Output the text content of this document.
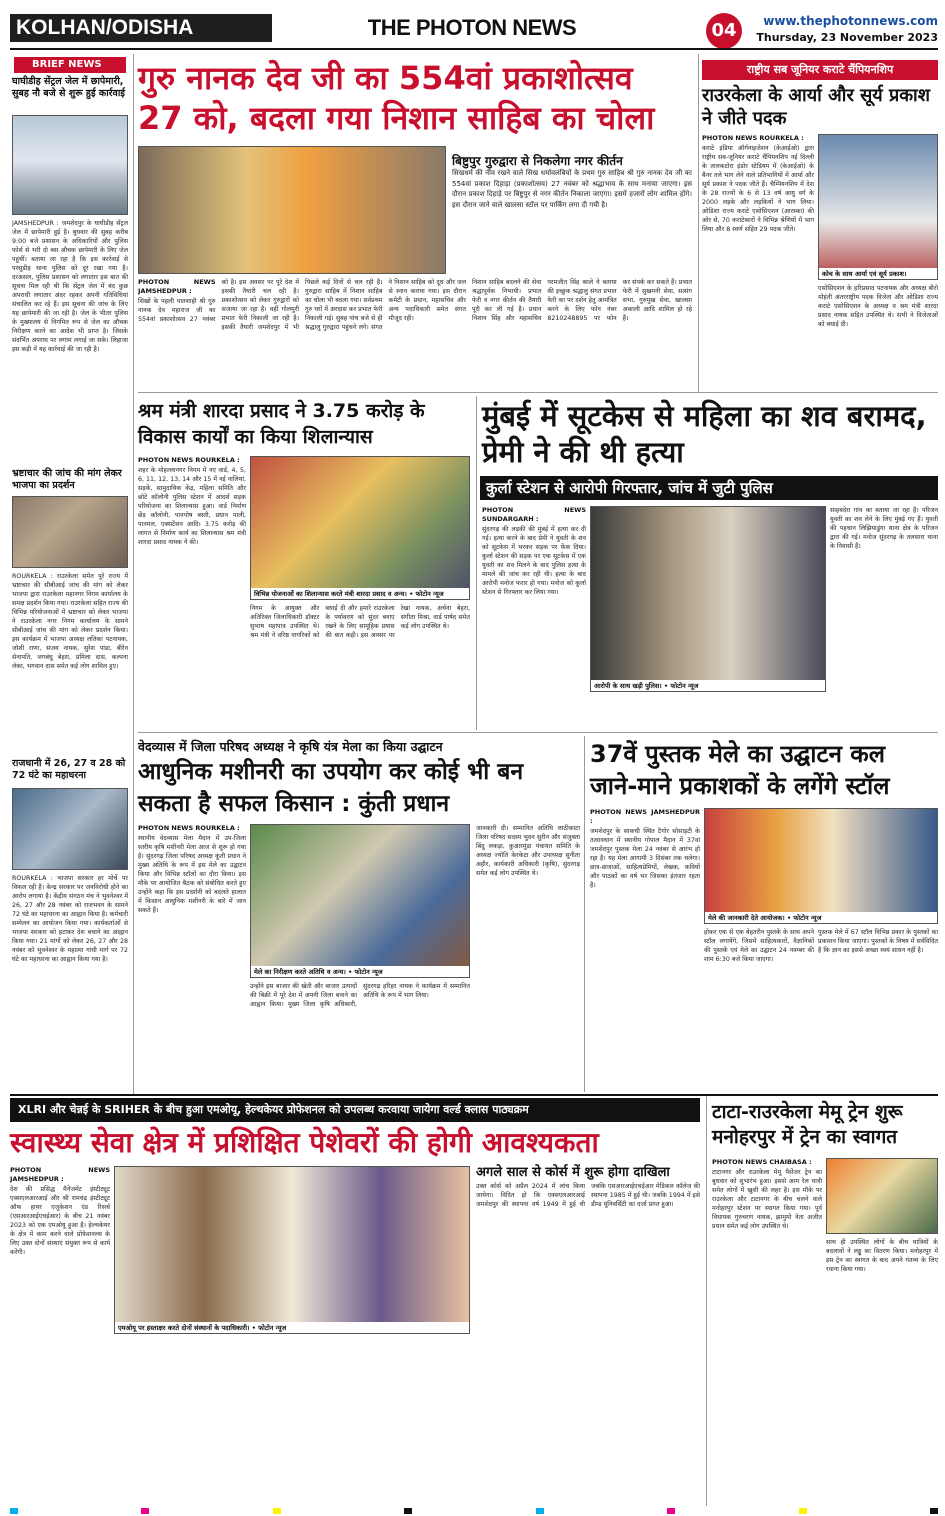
KOLHAN/ODISHA	THE PHOTON NEWS	04	www.thephotonnews.com
Thursday, 23 November 2023
BRIEF NEWS
घाघीडीह सेंट्रल जेल में छापेमारी, सुबह नौ बजे से शुरू हुई कार्रवाई
JAMSHEDPUR : जमशेदपुर के घाघीडीह सेंट्रल जेल में छापेमारी हुई है। बुधवार की सुबह करीब 9:00 बजे प्रशासन के अधिकारियों और पुलिस फोर्स से भरी दो बस औचक छापेमारी के लिए जेल पहुंचीं। बताया जा रहा है कि इस कार्रवाई से परसुडीह थाना पुलिस को दूर रखा गया है। दरअसल, पुलिस प्रशासन को लगातार इस बात की सूचना मिल रही थी कि सेंट्रल जेल में बंद कुछ अपराधी लगातार अंदर रहकर अपनी गतिविधियां संचालित कर रहे हैं। इस सूचना की जांच के लिए यह छापेमारी की जा रही है। जेल के भीतर पुलिस के मुख्यालय से निगमित रूप से जेल का औचक निरीक्षण करने का आदेश भी प्राप्त है। जिसके संदर्भित अपराध पर लगाम लगाई जा सके। लिहाजा इस कड़ी में यह कार्रवाई की जा रही है।
भ्रष्टाचार की जांच की मांग लेकर भाजपा का प्रदर्शन
ROURKELA : राउरकेला समेत पूरे राज्य में भ्रष्टाचार की सीबीआई जांच की मांग को लेकर भाजपा द्वारा राउरकेला महानगर निगम कार्यालय के समक्ष प्रदर्शन किया गया। राउरकेला सहित राज्य की विभिन्न परियोजनाओं में भ्रष्टाचार को लेकर भाजपा ने राउरकेला नगर निगम कार्यालय के सामने सीबीआई जांच की मांग को लेकर प्रदर्शन किया। इस कार्यक्रम में भाजपा अध्यक्ष लतिका पटनायक, जोशी राणा, संजय नायक, सुरेश पांडा, बीरेन सेनापति, जगबंधु बेहरा, प्रमिला दास, कल्पना लेका, भगवान दास समेत कई लोग शामिल हुए।
राजधानी में 26, 27 व 28 को 72 घंटे का महाधरना
ROURKELA : भाजपा सरकार हर मोर्चे पर विफल रही है। केन्द्र सरकार पर जनविरोधी होने का आरोप लगाया है। केंद्रीय संगठन मंच ने भुवनेश्वर में 26, 27 और 28 नवंबर को राजभवन के सामने 72 घंटे का महाधरना का आह्वान किया है। कर्मचारी सम्मेलन का आयोजन किया गया। कार्यकर्ताओं से भाजपा सरकार को हटाकर देश बचाने का आह्वान किया गया। 21 मांगों को लेकर 26, 27 और 28 नवंबर को भुवनेश्वर के महात्मा गांधी मार्ग पर 72 घंटे का महाधरना का आह्वान किया गया है।
गुरु नानक देव जी का 554वां प्रकाशोत्सव
27 को, बदला गया निशान साहिब का चोला
बिष्टुपुर गुरुद्वारा से निकलेगा नगर कीर्तन
सिखधर्म की नींव रखने वाले सिख धर्मावलंबियों के प्रथम गुरु साहिब श्री गुरु नानक देव जी का 554वां प्रकाश दिहाड़ा (प्रकाशोत्सव) 27 नवंबर को श्रद्धाभाव के साथ मनाया जाएगा। इस दौरान प्रकाश दिहाड़े पर बिष्टुपुर से नगर कीर्तन निकाला जाएगा। इसमें हजारों लोग शामिल होंगे। इस दौरान जाने वाले खालसा स्टॉल पर पार्किंग लगा दी गयी है।
PHOTON NEWS JAMSHEDPUR :
सिखों के पहली पातशाही श्री गुरु नानक देव महाराज जी का 554वां प्रकाशोत्सव 27 नवंबर को है। इस अवसर पर पूरे देश में इसकी तैयारी चल रही है। प्रकाशोत्सव को लेकर गुरुद्वारों को सजाया जा रहा है। वहीं गोलमुरी प्रभात फेरी निकाली जा रही है। इसकी तैयारी जमशेदपुर में भी पिछले कई दिनों से चल रही है। गुरुद्वारा साहिब में निशान साहिब का चोला भी बदला गया। सर्वप्रथम गुरु घरों में अरदास कर प्रभात फेरी निकाली गई। सुबह पांच बजे से ही श्रद्धालु गुरुद्वारा पहुंचने लगे। संगत ने निशान साहिब को दूध और जल से स्नान कराया गया। इस दौरान कमेटी के प्रधान, महासचिव और अन्य पदाधिकारी समेत संगत मौजूद रही।
निशान साहिब बदलने की सेवा श्रद्धापूर्वक निभायी। प्रभात फेरी व नगर कीर्तन की तैयारी पूरी कर ली गई है। प्रधान निशान सिंह और महासचिव परमजीत सिंह काले ने बताया की इच्छुक श्रद्धालु संगत प्रभात फेरी का पर दर्शन हेतु आमंत्रित करने के लिए फोन नंबर 8210248895 पर फोन कर संपर्क कर सकते हैं। प्रभात फेरी में सुखमनी सेवा, सत्संग सभा, गुरुमुख सेवा, खालसा अकाली आदि शामिल हो रहे हैं।
राष्ट्रीय सब जूनियर कराटे चैंपियनशिप
राउरकेला के आर्या और सूर्य प्रकाश ने जीते पदक
PHOTON NEWS ROURKELA :
कराटे इंडिया ऑर्गनाइजेशन (केआईओ) द्वारा राष्ट्रीय सब-जूनियर कराटे चैंपियनशिप नई दिल्ली के तालकटोरा इंडोर स्टेडियम में (केआईओ) के बैनर तले भाग लेने वाले प्रतिभागियों में आर्या और सूर्य प्रकाश ने पदक जीते हैं। चैम्पियनशिप में देश के 28 राज्यों के 6 से 13 वर्ष आयु वर्ग के 2000 लड़के और लड़कियों ने भाग लिया। ओडिशा राज्य कराटे एसोसिएशन (आरस्का) की ओर से, 70 कराटेकारों ने विभिन्न श्रेणियों में भाग लिया और 8 स्वर्ण सहित 29 पदक जीते।
कोच के साथ आर्या एवं सूर्य प्रकाश।
एसोसिएशन के हरिप्रसाद पटनायक और अध्यक्ष बीरो मोहंती अंतरराष्ट्रीय पदक विजेता और ओडिशा राज्य कराटे एसोसिएशन के अध्यक्ष व श्रम मंत्री शारदा प्रसाद नायक सहित उपस्थित थे। सभी ने विजेताओं को बधाई दी।
श्रम मंत्री शारदा प्रसाद ने 3.75 करोड़ के विकास कार्यों का किया शिलान्यास
PHOTON NEWS ROURKELA :
शहर के मोहल्लानगर निगम में नए वार्ड, 4, 5, 6, 11, 12, 13, 14 और 15 में नई नालियां, सड़कें, सामुदायिक केंद्र, महिला समिति और छोटे कॉलोनी पुलिस स्टेशन में आदर्श सड़क परियोजना का शिलान्यास हुआ। वार्ड निर्माण छेंड़ कॉलोनी, पानपोष बस्ती, प्रधान पाली, पानमल, एक्सटेंशन आदि। 3.75 करोड़ की लागत से निर्माण कार्य का शिलान्यास श्रम मंत्री शारदा प्रसाद नायक ने की।
विभिन्न योजनाओं का शिलान्यास करते मंत्री शारदा प्रसाद व अन्य। • फोटोन न्यूज
निगम के आयुक्त और अतिरिक्त जिलाधिकारी डॉक्टर सुभाष महापात्र उपस्थित थे। श्रम मंत्री ने वरिष्ठ नागरिकों को बधाई दी और हमारे राउरकेला के पर्यावरण को सुंदर बनाए रखने के लिए सामूहिक प्रयास की बात कही। इस अवसर पर रेखा नायक, अर्चना बेहरा, संगीता मिश्रा, वार्ड पार्षद समेत कई लोग उपस्थित थे।
मुंबई में सूटकेस से महिला का शव बरामद, प्रेमी ने की थी हत्या
कुर्ला स्टेशन से आरोपी गिरफ्तार, जांच में जुटी पुलिस
PHOTON NEWS SUNDARGARH :
सुंदरगढ़ की लड़की की मुंबई में हत्या कर दी गई। हत्या करने के बाद प्रेमी ने युवती के शव को सूटकेस में भरकर सड़क पर फेंक दिया। कुर्ला स्टेशन की सड़क पर एक सूटकेस में एक युवती का शव मिलने के बाद पुलिस हत्या के मामले की जांच कर रही थी। हत्या के बाद आरोपी मनोज फरार हो गया। मनोज को कुर्ला स्टेशन से गिरफ्तार कर लिया गया।
आरोपी के साथ खड़ी पुलिस। • फोटोन न्यूज
साहबदेरा गांव का बताया जा रहा है। परिजन युवती का शव लेने के लिए मुंबई गए हैं। युवती की पहचान लिझियाडुंगा थाना क्षेत्र के परिजन द्वारा की गई। मनोज सुंदरगढ़ के तलसारा थाना के निवासी हैं।
वेदव्यास में जिला परिषद अध्यक्ष ने कृषि यंत्र मेला का किया उद्घाटन
आधुनिक मशीनरी का उपयोग कर कोई भी बन सकता है सफल किसान : कुंती प्रधान
PHOTON NEWS ROURKELA :
स्थानीय वेदव्यास मेला मैदान में उप-जिला स्तरीय कृषि मशीनरी मेला आज से शुरू हो गया है। सुंदरगढ़ जिला परिषद अध्यक्ष कुंती प्रधान ने मुख्य अतिथि के रूप में इस मेले का उद्घाटन किया और विभिन्न स्टॉलों का दौरा किया। इस मौके पर आयोजित बैठक को संबोधित करते हुए उन्होंने कहा कि इस प्रदर्शनी को बदलते हालात में किसान आधुनिक मशीनरी के बारे में जान सकते हैं।
मेले का निरीक्षण करते अतिथि व अन्य। • फोटोन न्यूज
उन्होंने इस बाजार की खेती और बाजार उत्पादों की बिक्री में पूरे देश में अपनी जिला बनाने का आह्वान किया। मुख्य जिला कृषि अधिकारी, सुंदरगढ़ हरिहर नायक ने कार्यक्रम में सम्मानित अतिथि के रूप में भाग लिया।
जानकारी दी। सम्मानित अतिथि लाठीकाटा जिला परिषद सदस्य भुवन सुरीन और संजुक्ता बिंदु लकड़ा, कुआरमुंडा पंचायत समिति के अध्यक्ष ज्योति केरकेटा और उपाध्यक्ष सुनीता अहीर, कार्यकारी अधिकारी (कृषि), सुंदरगढ़ समेत कई लोग उपस्थित थे।
37वें पुस्तक मेले का उद्घाटन कल जाने-माने प्रकाशकों के लगेंगे स्टॉल
PHOTON NEWS JAMSHEDPUR :
जमशेदपुर के साकची स्थित टैगोर सोसाइटी के तत्वावधान में स्थानीय गोपाल मैदान में 37वां जमशेदपुर पुस्तक मेला 24 नवंबर से आरंभ हो रहा है। यह मेला आगामी 3 दिसंबर तक चलेगा। छात्र-छात्राओं, साहित्यप्रेमियों, लेखक, कवियों और पाठकों का वर्ष भर जिसका इंतजार रहता है।
मेले की जानकारी देते आयोजक। • फोटोन न्यूज
होकर एक से एक बेहतरीन पुस्तकें के साथ अपने स्टॉल लगायेंगे, जिसमें साहित्यकारों, वैज्ञानिकों की पुस्तकें एवं मेले का उद्घाटन 24 नवम्बर की शाम 6:30 बजे किया जाएगा।
पुस्तक मेले में 67 स्टॉल विभिन्न प्रकार के पुस्तकों का प्रकाशन किया जाएगा। पुस्तकों के विषय में सर्वविदित है कि ज्ञान का इससे अच्छा स्वयं साधन नहीं है।
XLRI और चेन्नई के SRIHER के बीच हुआ एमओयू, हेल्थकेयर प्रोफेशनल को उपलब्ध करवाया जायेगा वर्ल्ड क्लास पाठ्यक्रम
स्वास्थ्य सेवा क्षेत्र में प्रशिक्षित पेशेवरों की होगी आवश्यकता
अगले साल से कोर्स में शुरू होगा दाखिला
PHOTON NEWS JAMSHEDPUR :
देश की प्रसिद्ध मैनेजमेंट इंस्टीट्यूट एक्सएलआरआई और श्री रामचंद्र इंस्टीट्यूट ऑफ हायर एजुकेशन एंड रिसर्च (एसआरआईएचईआर) के बीच 21 नवंबर 2023 को एक एमओयू हुआ है। हेल्थकेयर के क्षेत्र में काम करने वाले प्रोफेशनल्स के लिए उक्त दोनों संस्थाएं संयुक्त रूप से कार्य करेंगी।
एमओयू पर हस्ताक्षर करते दोनों संस्थानों के पदाधिकारी। • फोटोन न्यूज
उक्त कोर्स को अप्रैल 2024 में लांच किया जायेगा। विदित हो कि एक्सएलआरआई जमशेदपुर की स्थापना वर्ष 1949 में हुई थी जबकि एसआरआईएचईआर मेडिकल कॉलेज की स्थापना 1985 में हुई थी। जबकि 1994 में इसे डीम्ड यूनिवर्सिटी का दर्जा प्राप्त हुआ।
टाटा-राउरकेला मेमू ट्रेन शुरू मनोहरपुर में ट्रेन का स्वागत
PHOTON NEWS CHAIBASA :
टाटानगर और राउरकेला मेमू पैसेंजर ट्रेन का बुधवार को शुभारंभ हुआ। इससे आम रेल यात्री समेत लोगों में खुशी की लहर है। इस मौके पर राउरकेला और टाटानगर के बीच चलने वाले मनोहरपुर स्टेशन पर स्वागत किया गया। पूर्व विधायक गुरुचरण नायक, झामुमो नेता अजीत प्रधान समेत कई लोग उपस्थित थे।
साथ ही उपस्थित लोगों के बीच यात्रियों के बदलावों ने लड्डू का वितरण किया। मनोहरपुर में इस ट्रेन का स्वागत के बाद अपने गंतव्य के लिए रवाना किया गया।
